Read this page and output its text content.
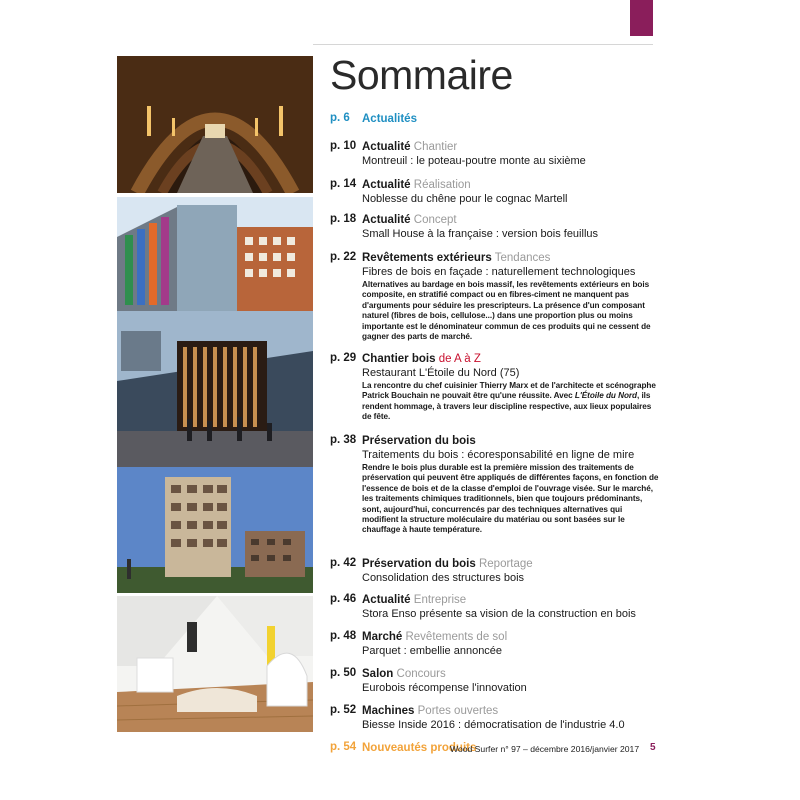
Sommaire
p. 6	Actualités
p. 10 Actualité Chantier
Montreuil : le poteau-poutre monte au sixième
p. 14 Actualité Réalisation
Noblesse du chêne pour le cognac Martell
p. 18 Actualité Concept
Small House à la française : version bois feuillus
p. 22 Revêtements extérieurs Tendances
Fibres de bois en façade : naturellement technologiques
Alternatives au bardage en bois massif, les revêtements extérieurs en bois composite, en stratifié compact ou en fibres-ciment ne manquent pas d'arguments pour séduire les prescripteurs. La présence d'un composant naturel (fibres de bois, cellulose...) dans une proportion plus ou moins importante est le dénominateur commun de ces produits qui ne cessent de gagner des parts de marché.
p. 29 Chantier bois de A à Z
Restaurant L'Étoile du Nord (75)
La rencontre du chef cuisinier Thierry Marx et de l'architecte et scénographe Patrick Bouchain ne pouvait être qu'une réussite. Avec L'Étoile du Nord, ils rendent hommage, à travers leur discipline respective, aux lieux populaires de fête.
p. 38 Préservation du bois
Traitements du bois : écoresponsabilité en ligne de mire
Rendre le bois plus durable est la première mission des traitements de préservation qui peuvent être appliqués de différentes façons, en fonction de l'essence de bois et de la classe d'emploi de l'ouvrage visée. Sur le marché, les traitements chimiques traditionnels, bien que toujours prédominants, sont, aujourd'hui, concurrencés par des techniques alternatives qui modifient la structure moléculaire du matériau ou sont basées sur le chauffage à haute température.
p. 42 Préservation du bois Reportage
Consolidation des structures bois
p. 46 Actualité Entreprise
Stora Enso présente sa vision de la construction en bois
p. 48 Marché Revêtements de sol
Parquet : embellie annoncée
p. 50 Salon Concours
Eurobois récompense l'innovation
p. 52 Machines Portes ouvertes
Biesse Inside 2016 : démocratisation de l'industrie 4.0
p. 54 Nouveautés produits
Wood Surfer n° 97 – décembre 2016/janvier 2017	5
